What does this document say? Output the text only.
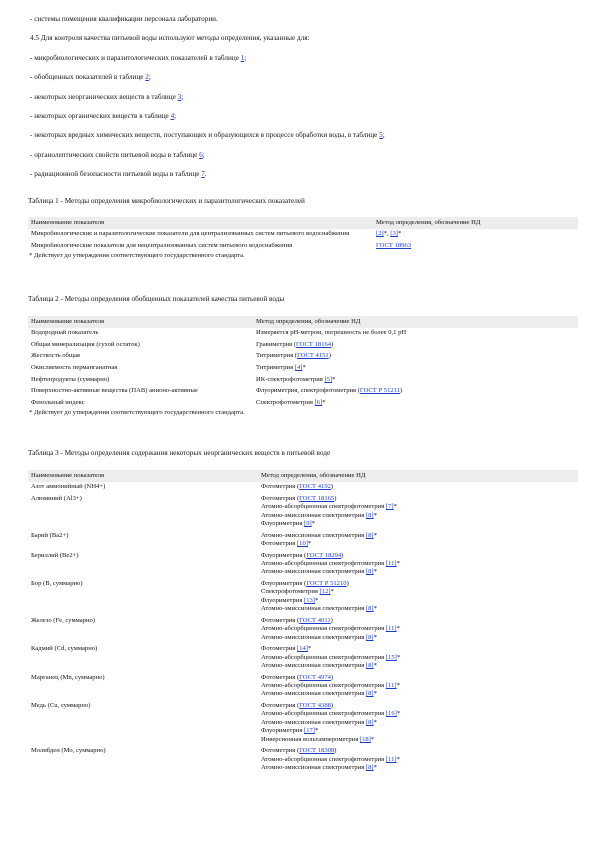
- системы помещения квалификации персонала лаборатории.
4.5 Для контроля качества питьевой воды используют методы определения, указанные для:
- микробиологических и паразитологических показателей в таблице 1;
- обобщенных показателей в таблице 2;
- некоторых неорганических веществ в таблице 3;
- некоторых органических веществ в таблице 4;
- некоторых вредных химических веществ, поступающих и образующихся в процессе обработки воды, в таблице 5;
- органолептических свойств питьевой воды в таблице 6;
- радиационной безопасности питьевой воды в таблице 7.
Таблица 1 - Методы определения микробиологических и паразитологических показателей
Наименование показателя	Метод определения, обозначение НД
Микробиологические и паразитологические показатели для централизованных систем питьевого водоснабжения	[2]*, [3]*

Микробиологические показатели для нецентрализованных систем питьевого водоснабжения	ГОСТ 18963
* Действует до утверждения соответствующего государственного стандарта.
Таблица 2 - Методы определения обобщенных показателей качества питьевой воды
Наименование показателя	Метод определения, обозначение НД
Водородный показатель	Измеряется рН-метром, погрешность не более 0,1 pH

Общая минерализация (сухой остаток)	Гравиметрия (ГОСТ 18164)

Жесткость общая	Титриметрия (ГОСТ 4151)

Окисляемость перманганатная	Титриметрия [4]*

Нефтепродукты (суммарно)	ИК-спектрофотометрия [5]*

Поверхностно-активные вещества (ПАВ) анионо-активные	Флуориметрия, спектрофотометрия (ГОСТ Р 51211)

Фенольный индекс	Спектрофотометрия [6]*
* Действует до утверждения соответствующего государственного стандарта.
Таблица 3 - Методы определения содержания некоторых неорганических веществ в питьевой воде
Наименование показателя	Метод определения, обозначение НД
Азот аммонийный (NH4+)	Фотометрия (ГОСТ 4192)

Алюминий (Al3+)	Фотометрия (ГОСТ 18165)
Атомно-абсорбционная спектрофотометрия [7]*
Атомно-эмиссионная спектрометрия [8]*
Флуориметрия [9]*

Барий (Ba2+)	Атомно-эмиссионная спектрометрия [8]*
Фотометрия [10]*

Бериллий (Be2+)	Флуориметрия (ГОСТ 18294)
Атомно-абсорбционная спектрофотометрия [11]*
Атомно-эмиссионная спектрометрия [8]*

Бор (B, суммарно)	Флуориметрия (ГОСТ Р 51210)
Спектрофотометрия [12]*
Флуориметрия [13]*
Атомно-эмиссионная спектрометрия [8]*

Железо (Fe, суммарно)	Фотометрия (ГОСТ 4011)
Атомно-абсорбционная спектрофотометрия [11]*
Атомно-эмиссионная спектрометрия [8]*

Кадмий (Cd, суммарно)	Фотометрия [14]*
Атомно-абсорбционная спектрофотометрия [15]*
Атомно-эмиссионная спектрометрия [8]*

Марганец (Mn, суммарно)	Фотометрия (ГОСТ 4974)
Атомно-абсорбционная спектрофотометрия [11]*
Атомно-эмиссионная спектрометрия [8]*

Медь (Cu, суммарно)	Фотометрия (ГОСТ 4388)
Атомно-абсорбционная спектрофотометрия [16]*
Атомно-эмиссионная спектрометрия [8]*
Флуориметрия [17]*
Инверсионная вольтамперометрия [18]*

Молибден (Mo, суммарно)	Фотометрия (ГОСТ 18308)
Атомно-абсорбционная спектрофотометрия [11]*
Атомно-эмиссионная спектрометрия [8]*
